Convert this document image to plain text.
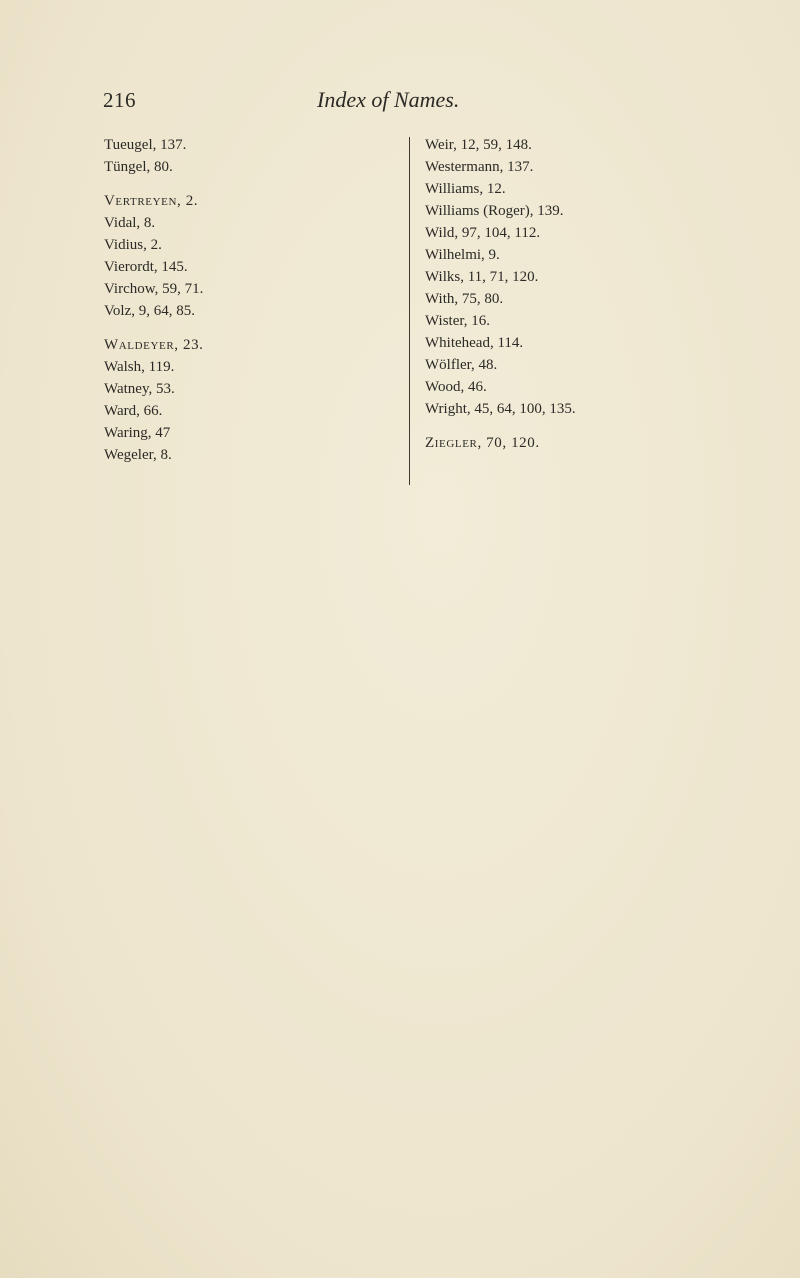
216	Index of Names.
Tueugel, 137.
Tüngel, 80.
Vertreyen, 2.
Vidal, 8.
Vidius, 2.
Vierordt, 145.
Virchow, 59, 71.
Volz, 9, 64, 85.
Waldeyer, 23.
Walsh, 119.
Watney, 53.
Ward, 66.
Waring, 47
Wegeler, 8.
Weir, 12, 59, 148.
Westermann, 137.
Williams, 12.
Williams (Roger), 139.
Wild, 97, 104, 112.
Wilhelmi, 9.
Wilks, 11, 71, 120.
With, 75, 80.
Wister, 16.
Whitehead, 114.
Wölfler, 48.
Wood, 46.
Wright, 45, 64, 100, 135.
Ziegler, 70, 120.
